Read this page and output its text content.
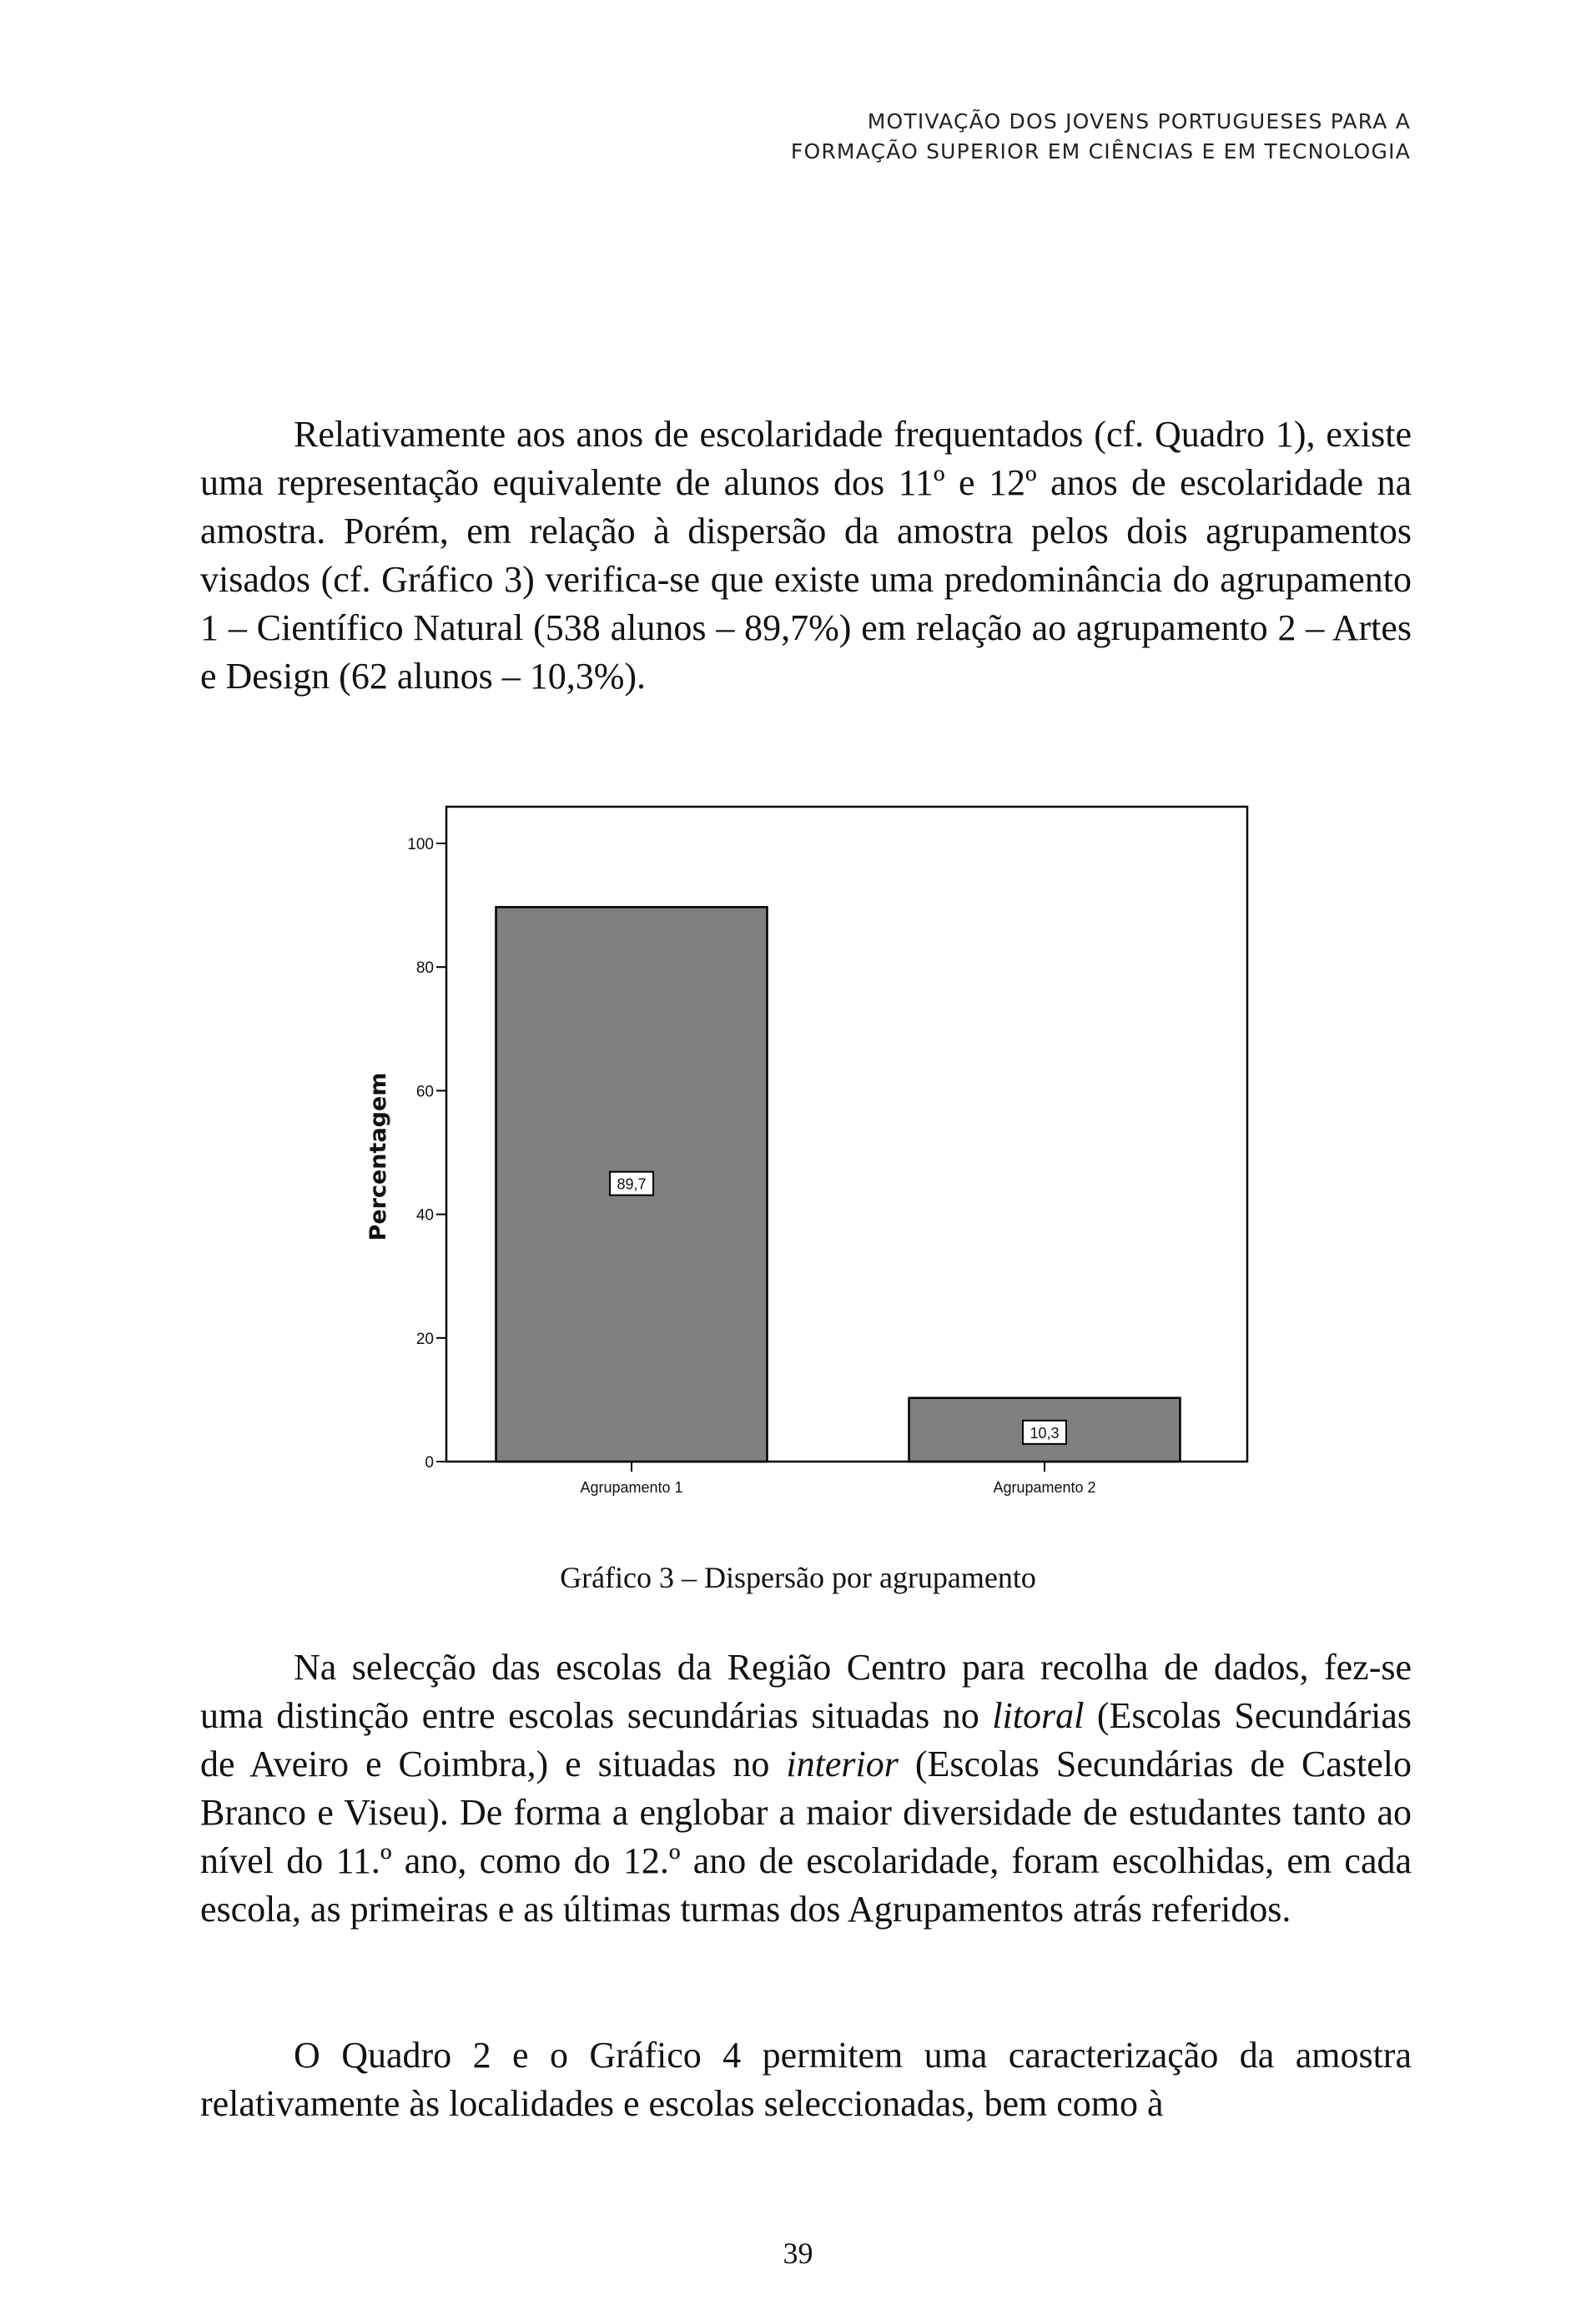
MOTIVAÇÃO DOS JOVENS PORTUGUESES PARA A
FORMAÇÃO SUPERIOR EM CIÊNCIAS E EM TECNOLOGIA

Relativamente aos anos de escolaridade frequentados (cf. Quadro 1), existe uma representação equivalente de alunos dos 11º e 12º anos de escolaridade na amostra. Porém, em relação à dispersão da amostra pelos dois agrupamentos visados (cf. Gráfico 3) verifica-se que existe uma predominância do agrupamento 1 – Científico Natural (538 alunos – 89,7%) em relação ao agrupamento 2 – Artes e Design (62 alunos – 10,3%).

0
20
40
60
80
100
Percentagem
Agrupamento 1
89,7
Agrupamento 2
10,3
Gráfico 3 – Dispersão por agrupamento

Na selecção das escolas da Região Centro para recolha de dados, fez-se uma distinção entre escolas secundárias situadas no litoral (Escolas Secundárias de Aveiro e Coimbra,) e situadas no interior (Escolas Secundárias de Castelo Branco e Viseu). De forma a englobar a maior diversidade de estudantes tanto ao nível do 11.º ano, como do 12.º ano de escolaridade, foram escolhidas, em cada escola, as primeiras e as últimas turmas dos Agrupamentos atrás referidos.

O Quadro 2 e o Gráfico 4 permitem uma caracterização da amostra relativamente às localidades e escolas seleccionadas, bem como à

39
